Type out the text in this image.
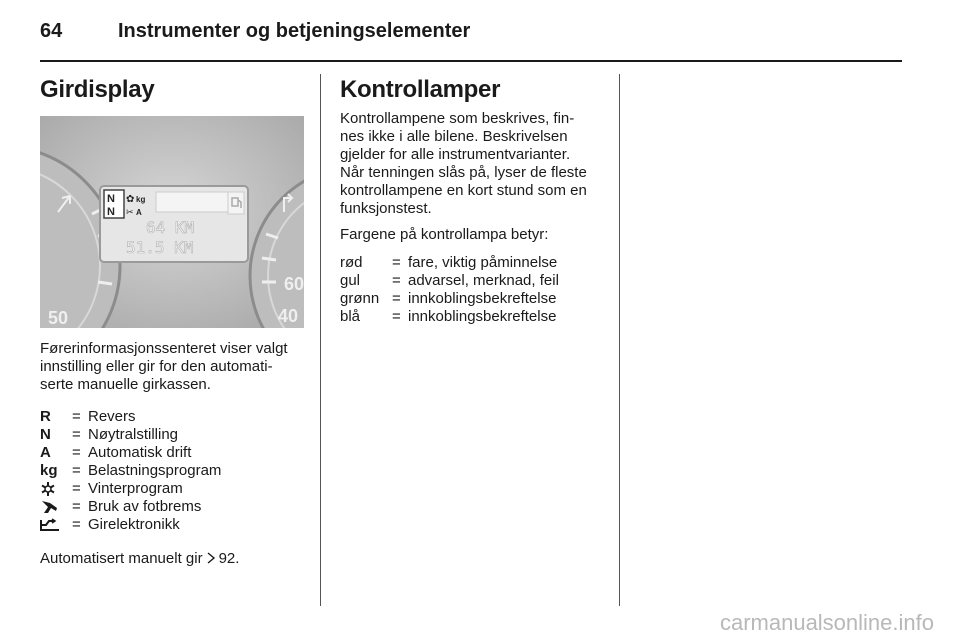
64	Instrumenter og betjeningselementer
Girdisplay
50
60
40
N
N
✿ kg
✂ A
64 KM
51.5 KM

Førerinformasjonssenteret viser valgt
innstilling eller gir for den automati-
serte manuelle girkassen.

R	= Revers
N	= Nøytralstilling
A	= Automatisk drift
kg = Belastningsprogram
= Vinterprogram
= Bruk av fotbrems
= Girelektronikk

Automatisert manuelt gir 92.

Kontrollamper

Kontrollampene som beskrives, fin-
nes ikke i alle bilene. Beskrivelsen
gjelder for alle instrumentvarianter.
Når tenningen slås på, lyser de fleste
kontrollampene en kort stund som en
funksjonstest.

Fargene på kontrollampa betyr:

rød	= fare, viktig påminnelse
gul	= advarsel, merknad, feil
grønn = innkoblingsbekreftelse
blå	= innkoblingsbekreftelse
carmanualsonline.info
